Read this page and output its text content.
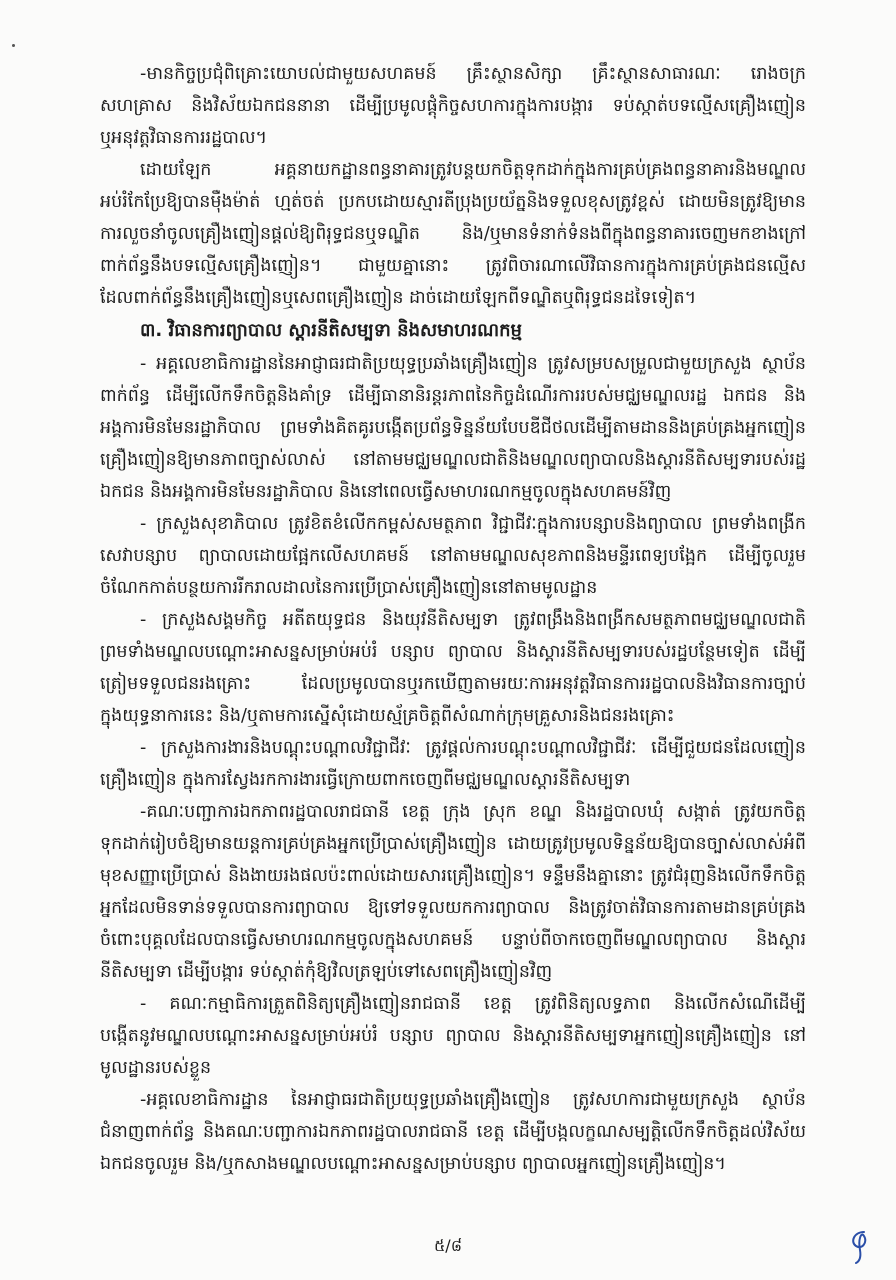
-មានកិច្ចប្រជុំពិគ្រោះយោបល់ជាមួយសហគមន៍ គ្រឹះស្ថានសិក្សា គ្រឹះស្ថានសាធារណៈ រោងចក្រ
សហគ្រាស និងវិស័យឯកជននានា ដើម្បីប្រមូលផ្តុំកិច្ចសហការក្នុងការបង្ការ ទប់ស្កាត់បទល្មើសគ្រឿងញៀន
ឬអនុវត្តវិធានការរដ្ឋបាល។
ដោយឡែក អគ្គនាយកដ្ឋានពន្ធនាគារត្រូវបន្តយកចិត្តទុកដាក់ក្នុងការគ្រប់គ្រងពន្ធនាគារនិងមណ្ឌល
អប់រំកែប្រែឱ្យបានម៉ឺងម៉ាត់ ហ្មត់ចត់ ប្រកបដោយស្មារតីប្រុងប្រយ័ត្ននិងទទួលខុសត្រូវខ្ពស់ ដោយមិនត្រូវឱ្យមាន
ការលួចនាំចូលគ្រឿងញៀនផ្តល់ឱ្យពិរុទ្ធជនឬទណ្ឌិត និង/ឬមានទំនាក់ទំនងពីក្នុងពន្ធនាគារចេញមកខាងក្រៅ
ពាក់ព័ន្ធនឹងបទល្មើសគ្រឿងញៀន។ ជាមួយគ្នានោះ ត្រូវពិចារណាលើវិធានការក្នុងការគ្រប់គ្រងជនល្មើស
ដែលពាក់ព័ន្ធនឹងគ្រឿងញៀនឬសេពគ្រឿងញៀន ដាច់ដោយឡែកពីទណ្ឌិតឬពិរុទ្ធជនដទៃទៀត។
៣. វិធានការព្យាបាល ស្តារនីតិសម្បទា និងសមាហរណកម្ម
- អគ្គលេខាធិការដ្ឋាននៃអាជ្ញាធរជាតិប្រយុទ្ធប្រឆាំងគ្រឿងញៀន ត្រូវសម្របសម្រួលជាមួយក្រសួង ស្ថាប័ន
ពាក់ព័ន្ធ ដើម្បីលើកទឹកចិត្តនិងគាំទ្រ ដើម្បីធានានិរន្តរភាពនៃកិច្ចដំណើរការរបស់មជ្ឈមណ្ឌលរដ្ឋ ឯកជន និង
អង្គការមិនមែនរដ្ឋាភិបាល ព្រមទាំងគិតគូរបង្កើតប្រព័ន្ធទិន្នន័យបែបឌីជីថលដើម្បីតាមដាននិងគ្រប់គ្រងអ្នកញៀន
គ្រឿងញៀនឱ្យមានភាពច្បាស់លាស់ នៅតាមមជ្ឈមណ្ឌលជាតិនិងមណ្ឌលព្យាបាលនិងស្តារនីតិសម្បទារបស់រដ្ឋ
ឯកជន និងអង្គការមិនមែនរដ្ឋាភិបាល និងនៅពេលធ្វើសមាហរណកម្មចូលក្នុងសហគមន៍វិញ
- ក្រសួងសុខាភិបាល ត្រូវខិតខំលើកកម្ពស់សមត្ថភាព វិជ្ជាជីវៈក្នុងការបន្សាបនិងព្យាបាល ព្រមទាំងពង្រីក
សេវាបន្សាប ព្យាបាលដោយផ្អែកលើសហគមន៍ នៅតាមមណ្ឌលសុខភាពនិងមន្ទីរពេទ្យបង្អែក ដើម្បីចូលរួម
ចំណែកកាត់បន្ថយការរីករាលដាលនៃការប្រើប្រាស់គ្រឿងញៀននៅតាមមូលដ្ឋាន
- ក្រសួងសង្គមកិច្ច អតីតយុទ្ធជន និងយុវនីតិសម្បទា ត្រូវពង្រឹងនិងពង្រីកសមត្ថភាពមជ្ឈមណ្ឌលជាតិ
ព្រមទាំងមណ្ឌលបណ្តោះអាសន្នសម្រាប់អប់រំ បន្សាប ព្យាបាល និងស្តារនីតិសម្បទារបស់រដ្ឋបន្ថែមទៀត ដើម្បី
ត្រៀមទទួលជនរងគ្រោះ ដែលប្រមូលបានឬរកឃើញតាមរយៈការអនុវត្តវិធានការរដ្ឋបាលនិងវិធានការច្បាប់
ក្នុងយុទ្ធនាការនេះ និង/ឬតាមការស្នើសុំដោយស្ម័គ្រចិត្តពីសំណាក់ក្រុមគ្រួសារនិងជនរងគ្រោះ
- ក្រសួងការងារនិងបណ្តុះបណ្តាលវិជ្ជាជីវៈ ត្រូវផ្តល់ការបណ្តុះបណ្តាលវិជ្ជាជីវៈ ដើម្បីជួយជនដែលញៀន
គ្រឿងញៀន ក្នុងការស្វែងរកការងារធ្វើក្រោយពាកចេញពីមជ្ឈមណ្ឌលស្តារនីតិសម្បទា
-គណៈបញ្ជាការឯកភាពរដ្ឋបាលរាជធានី ខេត្ត ក្រុង ស្រុក ខណ្ឌ និងរដ្ឋបាលឃុំ សង្កាត់ ត្រូវយកចិត្ត
ទុកដាក់រៀបចំឱ្យមានយន្តការគ្រប់គ្រងអ្នកប្រើប្រាស់គ្រឿងញៀន ដោយត្រូវប្រមូលទិន្នន័យឱ្យបានច្បាស់លាស់អំពី
មុខសញ្ញាប្រើប្រាស់ និងងាយរងផលប៉ះពាល់ដោយសារគ្រឿងញៀន។ ទន្ទឹមនឹងគ្នានោះ ត្រូវជំរុញនិងលើកទឹកចិត្ត
អ្នកដែលមិនទាន់ទទួលបានការព្យាបាល ឱ្យទៅទទួលយកការព្យាបាល និងត្រូវចាត់វិធានការតាមដានគ្រប់គ្រង
ចំពោះបុគ្គលដែលបានធ្វើសមាហរណកម្មចូលក្នុងសហគមន៍ បន្ទាប់ពីចាកចេញពីមណ្ឌលព្យាបាល និងស្តារ
នីតិសម្បទា ដើម្បីបង្ការ ទប់ស្កាត់កុំឱ្យវិលត្រឡប់ទៅសេពគ្រឿងញៀនវិញ
- គណៈកម្មាធិការត្រួតពិនិត្យគ្រឿងញៀនរាជធានី ខេត្ត ត្រូវពិនិត្យលទ្ធភាព និងលើកសំណើដើម្បី
បង្កើតនូវមណ្ឌលបណ្តោះអាសន្នសម្រាប់អប់រំ បន្សាប ព្យាបាល និងស្តារនីតិសម្បទាអ្នកញៀនគ្រឿងញៀន នៅ
មូលដ្ឋានរបស់ខ្លួន
-អគ្គលេខាធិការដ្ឋាន នៃអាជ្ញាធរជាតិប្រយុទ្ធប្រឆាំងគ្រឿងញៀន ត្រូវសហការជាមួយក្រសួង ស្ថាប័ន
ជំនាញពាក់ព័ន្ធ និងគណៈបញ្ជាការឯកភាពរដ្ឋបាលរាជធានី ខេត្ត ដើម្បីបង្កលក្ខណសម្បត្តិលើកទឹកចិត្តដល់វិស័យ
ឯកជនចូលរួម និង/ឬកសាងមណ្ឌលបណ្តោះអាសន្នសម្រាប់បន្សាប ព្យាបាលអ្នកញៀនគ្រឿងញៀន។
៥/៨
